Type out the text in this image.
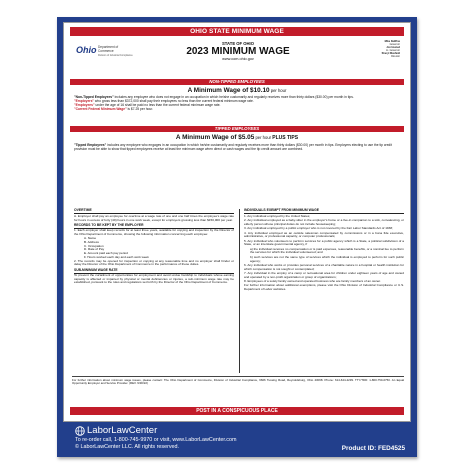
OHIO STATE MINIMUM WAGE
Ohio Department of Commerce
Division of Industrial Compliance
STATE OF OHIO
2023 MINIMUM WAGE
www.com.ohio.gov
Mike DeWine
Governor
Jon Husted
Lt. Governor
Sheryl Maxfield
Director
NON-TIPPED EMPLOYEES
A Minimum Wage of $10.10 per hour
"Non-Tipped Employees" includes any employee who does not engage in an occupation in which he/she customarily and regularly receives more than thirty dollars ($30.00) per month in tips.
"Employers" who gross less than $372,000 shall pay their employees no less than the current federal minimum wage rate.
"Employees" under the age of 16 shall be paid no less than the current federal minimum wage rate.
"Current Federal Minimum Wage" is $7.25 per hour.
TIPPED EMPLOYEES
A Minimum Wage of $5.05 per hour PLUS TIPS
"Tipped Employees" includes any employee who engages in an occupation in which he/she customarily and regularly receives more than thirty dollars ($30.00) per month in tips. Employers electing to use the tip credit provision must be able to show that tipped employees receive at least the minimum wage when direct or cash wages and the tip credit amount are combined.
OVERTIME
A. Employer shall pay an employee for overtime at a wage rate of one and one half times the employee's wage rate for hours in excess of forty (40) hours in one work week, except for employers grossing less than $150,000 per year.
RECORDS TO BE KEPT BY THE EMPLOYER
1. Each employer shall keep records for at least three years, available for copying and inspection by the Director of the Ohio Department of Commerce, showing the following information concerning each employee:
A. Name
B. Address
C. Occupation
D. Rate of Pay
E. Amount paid each pay period
F. Hours worked each day and each work week
2. The records may be opened for inspection or copying at any reasonable time and no employer shall hinder or delay the Director of the Ohio Department of Commerce in the performance of these duties.
SUB-MINIMUM WAGE RATE
To prevent the curtailment of opportunities for employment and avoid undue hardship to individuals whose earning capacity is affected or impaired by physical or mental deficiencies or injuries, a sub-minimum wage rate may be established, pursuant to the rules and regulations set forth by the Director of the Ohio Department of Commerce.
INDIVIDUALS EXEMPT FROM MINIMUM WAGE
1. Any individual employed by the United States;
2. Any individual employed as a baby-sitter in the employer's home or a live-in companion to a sick, convalescing, or elderly person whose principal duties do not include housekeeping;
3. Any individual employed by a public employer who is not covered by the Fair Labor Standards Act of 1938;
4. Any individual employed as an outside salesman compensated by commissions or in a bona fide executive, administrative, or professional capacity, or computer professionals;
5. Any individual who volunteers to perform services for a public agency which is a State, a political subdivision of a State, or an interstate governmental agency, if
a) the individual receives no compensation or is paid expenses, reasonable benefits, or a nominal fee to perform the services for which the individual volunteered; and
b) such services are not the same type of services which the individual is employed to perform for such public agency;
6. Any individual who works or provides personal services of a charitable nature in a hospital or health institution for which compensation is not sought or contemplated;
7. Any individual in the employ of a camp or recreational area for children under eighteen years of age and owned and operated by a non-profit organization or group of organizations;
8. Employees of a solely family owned and operated business who are family members of an owner.
For further information about additional exemptions, please visit the Ohio Division of Industrial Compliance or U.S. Department of Labor websites.
For further information about minimum wage issues, please contact: The Ohio Department of Commerce, Division of Industrial Compliance, 6606 Tussing Road, Reynoldsburg, Ohio 43068. Phone: 614-644-2239. TTY/TDD: 1-800-750-0750. An Equal Opportunity Employer and Service Provider. (REV. 9/30/22)
POST IN A CONSPICUOUS PLACE
LaborLawCenter
To re-order call, 1-800-745-9970 or visit, www.LaborLawCenter.com
© LaborLawCenter LLC. All rights reserved.	Product ID: FED4525
